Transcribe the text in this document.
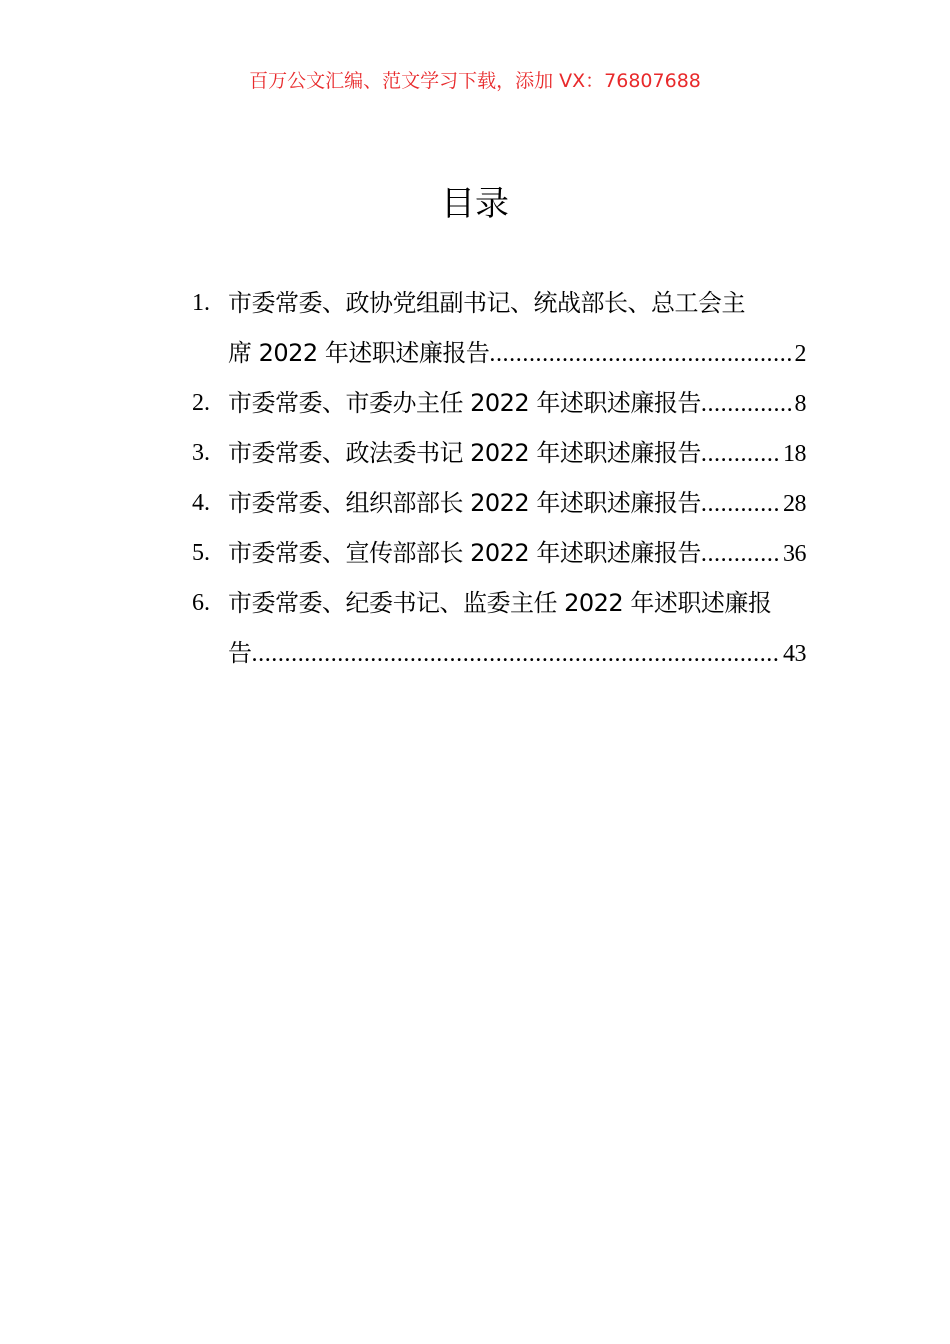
百万公文汇编、范文学习下载，添加 VX：76807688
目录
1. 市委常委、政协党组副书记、统战部长、总工会主
席 2022 年述职述廉报告 .....	2
2. 市委常委、市委办主任 2022 年述职述廉报告 .....	8
3. 市委常委、政法委书记 2022 年述职述廉报告 .....	18
4. 市委常委、组织部部长 2022 年述职述廉报告 .....	28
5. 市委常委、宣传部部长 2022 年述职述廉报告 .....	36
6. 市委常委、纪委书记、监委主任 2022 年述职述廉报
告 .....	43
